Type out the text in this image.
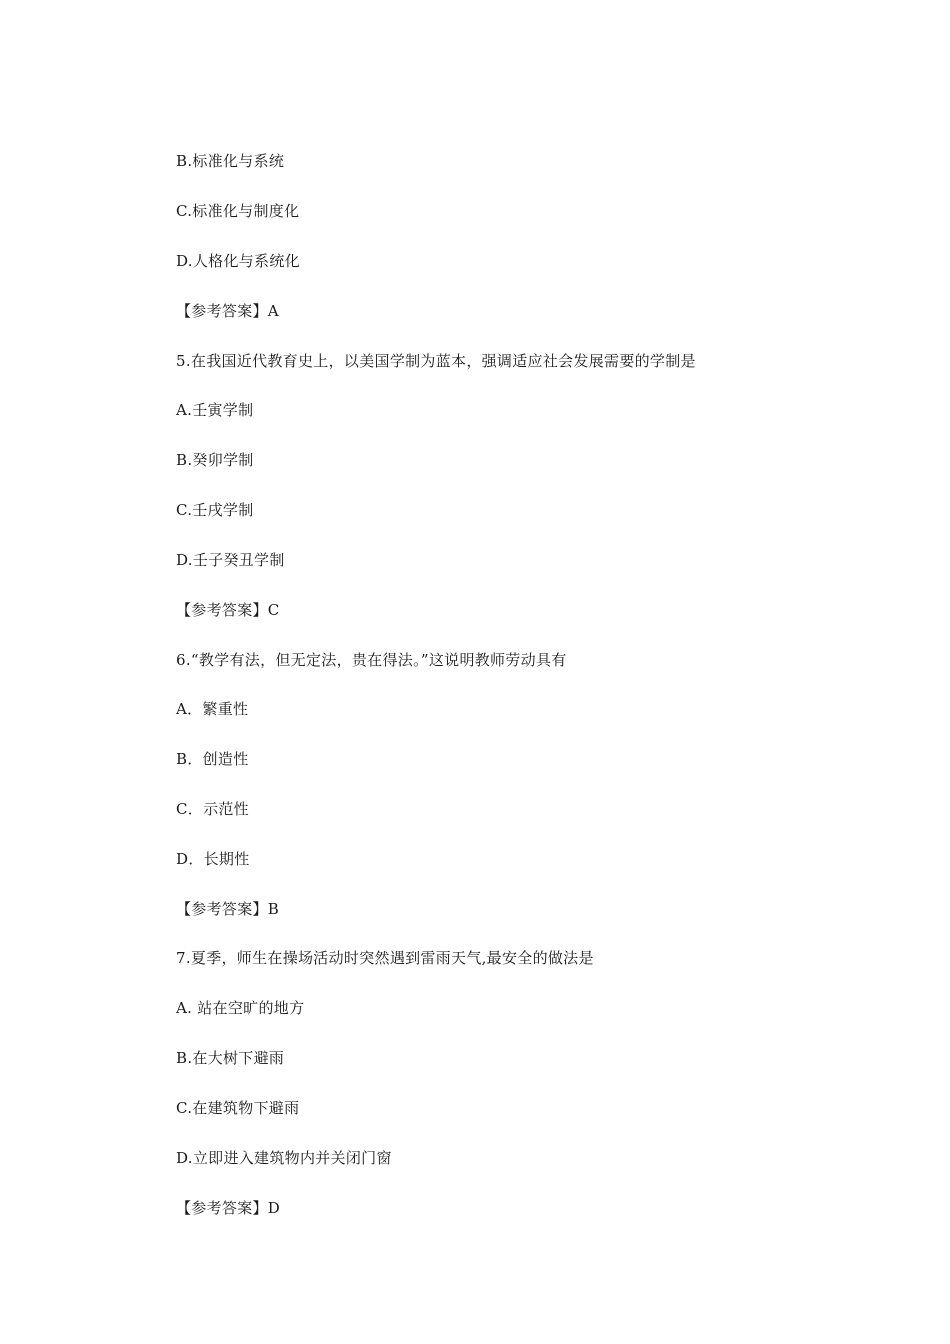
B.标准化与系统
C.标准化与制度化
D.人格化与系统化
【参考答案】A
5.在我国近代教育史上，以美国学制为蓝本，强调适应社会发展需要的学制是
A.壬寅学制
B.癸卯学制
C.壬戌学制
D.壬子癸丑学制
【参考答案】C
6.“教学有法，但无定法，贵在得法。”这说明教师劳动具有
A．繁重性
B．创造性
C．示范性
D．长期性
【参考答案】B
7.夏季，师生在操场活动时突然遇到雷雨天气,最安全的做法是
A. 站在空旷的地方
B.在大树下避雨
C.在建筑物下避雨
D.立即进入建筑物内并关闭门窗
【参考答案】D
